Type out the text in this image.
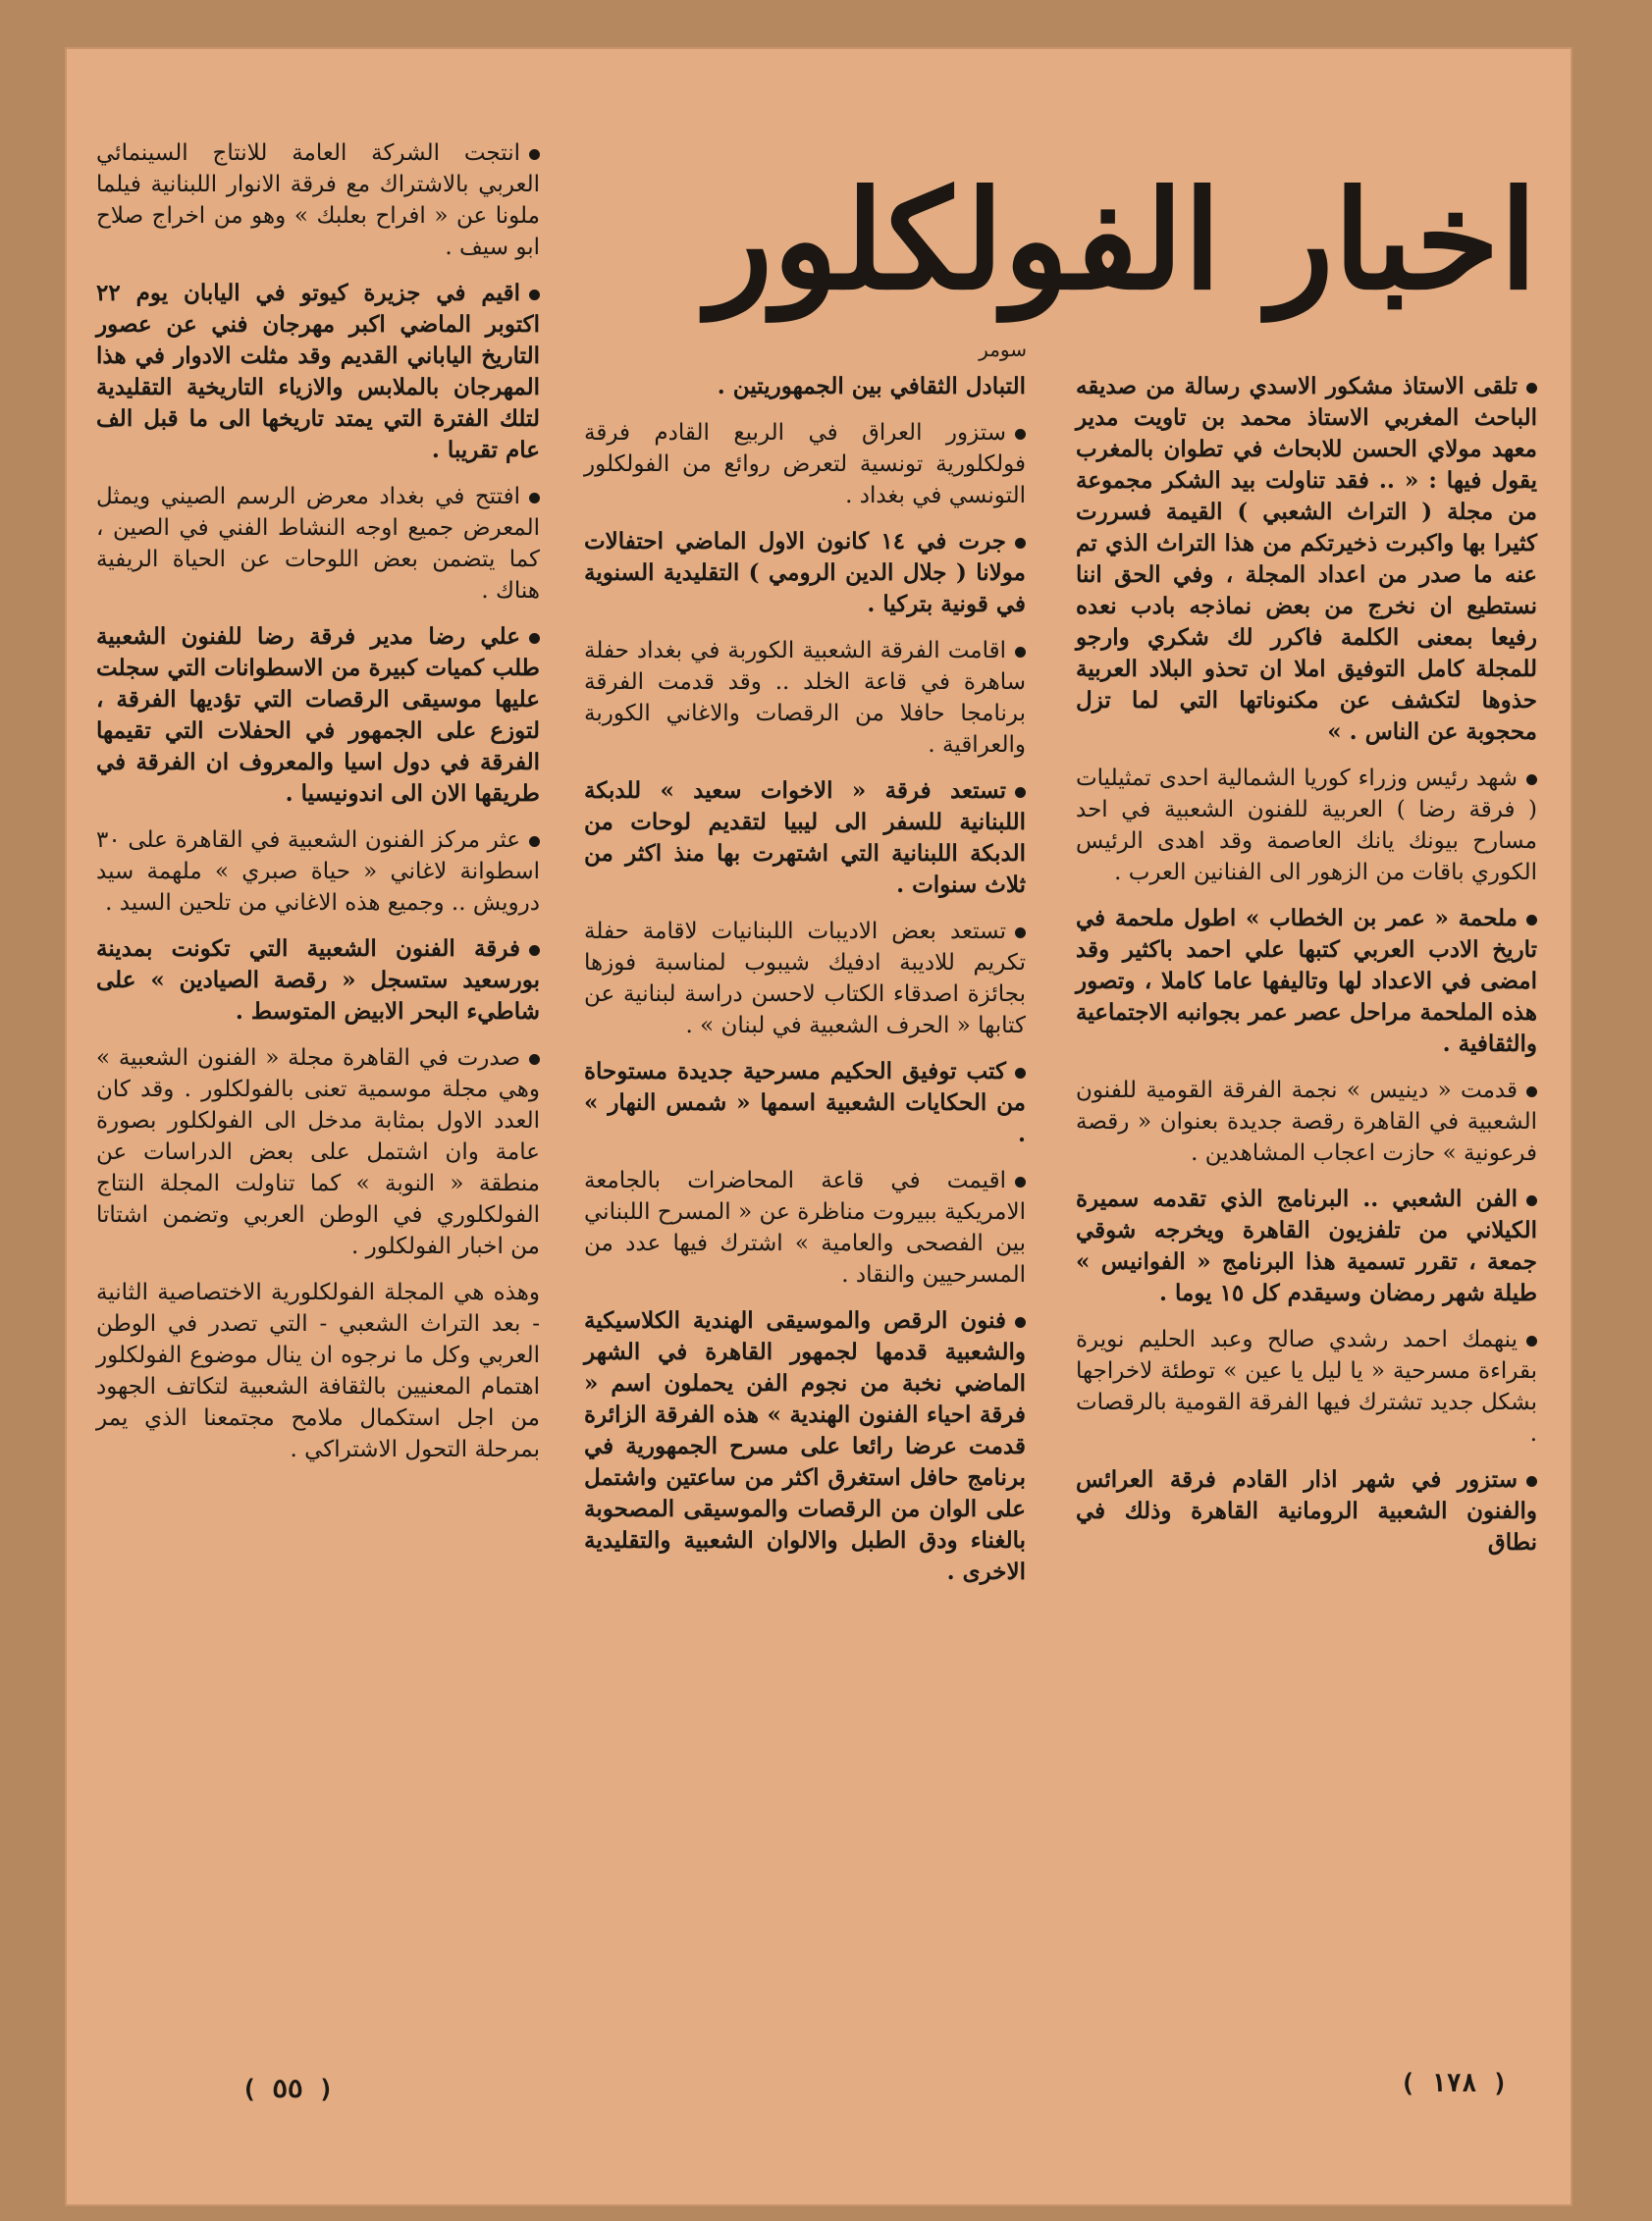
اخبار الفولكلور
سومر

تلقى الاستاذ مشكور الاسدي رسالة من صديقه الباحث المغربي الاستاذ محمد بن تاويت مدير معهد مولاي الحسن للابحاث في تطوان بالمغرب يقول فيها : « .. فقد تناولت بيد الشكر مجموعة من مجلة ( التراث الشعبي ) القيمة فسررت كثيرا بها واكبرت ذخيرتكم من هذا التراث الذي تم عنه ما صدر من اعداد المجلة ، وفي الحق اننا نستطيع ان نخرج من بعض نماذجه بادب نعده رفيعا بمعنى الكلمة فاكرر لك شكري وارجو للمجلة كامل التوفيق املا ان تحذو البلاد العربية حذوها لتكشف عن مكنوناتها التي لما تزل محجوبة عن الناس . »

شهد رئيس وزراء كوريا الشمالية احدى تمثيليات ( فرقة رضا ) العربية للفنون الشعبية في احد مسارح بيونك يانك العاصمة وقد اهدى الرئيس الكوري باقات من الزهور الى الفنانين العرب .

ملحمة « عمر بن الخطاب » اطول ملحمة في تاريخ الادب العربي كتبها علي احمد باكثير وقد امضى في الاعداد لها وتاليفها عاما كاملا ، وتصور هذه الملحمة مراحل عصر عمر بجوانبه الاجتماعية والثقافية .

قدمت « دينيس » نجمة الفرقة القومية للفنون الشعبية في القاهرة رقصة جديدة بعنوان « رقصة فرعونية » حازت اعجاب المشاهدين .

الفن الشعبي .. البرنامج الذي تقدمه سميرة الكيلاني من تلفزيون القاهرة ويخرجه شوقي جمعة ، تقرر تسمية هذا البرنامج « الفوانيس » طيلة شهر رمضان وسيقدم كل ١٥ يوما .

ينهمك احمد رشدي صالح وعبد الحليم نويرة بقراءة مسرحية « يا ليل يا عين » توطئة لاخراجها بشكل جديد تشترك فيها الفرقة القومية بالرقصات .

ستزور في شهر اذار القادم فرقة العرائس والفنون الشعبية الرومانية القاهرة وذلك في نطاق

التبادل الثقافي بين الجمهوريتين .

ستزور العراق في الربيع القادم فرقة فولكلورية تونسية لتعرض روائع من الفولكلور التونسي في بغداد .

جرت في ١٤ كانون الاول الماضي احتفالات مولانا ( جلال الدين الرومي ) التقليدية السنوية في قونية بتركيا .

اقامت الفرقة الشعبية الكوربة في بغداد حفلة ساهرة في قاعة الخلد .. وقد قدمت الفرقة برنامجا حافلا من الرقصات والاغاني الكوربة والعراقية .

تستعد فرقة « الاخوات سعيد » للدبكة اللبنانية للسفر الى ليبيا لتقديم لوحات من الدبكة اللبنانية التي اشتهرت بها منذ اكثر من ثلاث سنوات .

تستعد بعض الاديبات اللبنانيات لاقامة حفلة تكريم للاديبة ادفيك شيبوب لمناسبة فوزها بجائزة اصدقاء الكتاب لاحسن دراسة لبنانية عن كتابها « الحرف الشعبية في لبنان » .

كتب توفيق الحكيم مسرحية جديدة مستوحاة من الحكايات الشعبية اسمها « شمس النهار » .

اقيمت في قاعة المحاضرات بالجامعة الامريكية ببيروت مناظرة عن « المسرح اللبناني بين الفصحى والعامية » اشترك فيها عدد من المسرحيين والنقاد .

فنون الرقص والموسيقى الهندية الكلاسيكية والشعبية قدمها لجمهور القاهرة في الشهر الماضي نخبة من نجوم الفن يحملون اسم « فرقة احياء الفنون الهندية » هذه الفرقة الزائرة قدمت عرضا رائعا على مسرح الجمهورية في برنامج حافل استغرق اكثر من ساعتين واشتمل على الوان من الرقصات والموسيقى المصحوبة بالغناء ودق الطبل والالوان الشعبية والتقليدية الاخرى .

انتجت الشركة العامة للانتاج السينمائي العربي بالاشتراك مع فرقة الانوار اللبنانية فيلما ملونا عن « افراح بعلبك » وهو من اخراج صلاح ابو سيف .

اقيم في جزيرة كيوتو في اليابان يوم ٢٢ اكتوبر الماضي اكبر مهرجان فني عن عصور التاريخ الياباني القديم وقد مثلت الادوار في هذا المهرجان بالملابس والازياء التاريخية التقليدية لتلك الفترة التي يمتد تاريخها الى ما قبل الف عام تقريبا .

افتتح في بغداد معرض الرسم الصيني ويمثل المعرض جميع اوجه النشاط الفني في الصين ، كما يتضمن بعض اللوحات عن الحياة الريفية هناك .

علي رضا مدير فرقة رضا للفنون الشعبية طلب كميات كبيرة من الاسطوانات التي سجلت عليها موسيقى الرقصات التي تؤديها الفرقة ، لتوزع على الجمهور في الحفلات التي تقيمها الفرقة في دول اسيا والمعروف ان الفرقة في طريقها الان الى اندونيسيا .

عثر مركز الفنون الشعبية في القاهرة على ٣٠ اسطوانة لاغاني « حياة صبري » ملهمة سيد درويش .. وجميع هذه الاغاني من تلحين السيد .

فرقة الفنون الشعبية التي تكونت بمدينة بورسعيد ستسجل « رقصة الصيادين » على شاطيء البحر الابيض المتوسط .

صدرت في القاهرة مجلة « الفنون الشعبية » وهي مجلة موسمية تعنى بالفولكلور . وقد كان العدد الاول بمثابة مدخل الى الفولكلور بصورة عامة وان اشتمل على بعض الدراسات عن منطقة « النوبة » كما تناولت المجلة النتاج الفولكلوري في الوطن العربي وتضمن اشتاتا من اخبار الفولكلور .

وهذه هي المجلة الفولكلورية الاختصاصية الثانية - بعد التراث الشعبي - التي تصدر في الوطن العربي وكل ما نرجوه ان ينال موضوع الفولكلور اهتمام المعنيين بالثقافة الشعبية لتكاتف الجهود من اجل استكمال ملامح مجتمعنا الذي يمر بمرحلة التحول الاشتراكي .

( ١٧٨ )
( ٥٥ )
